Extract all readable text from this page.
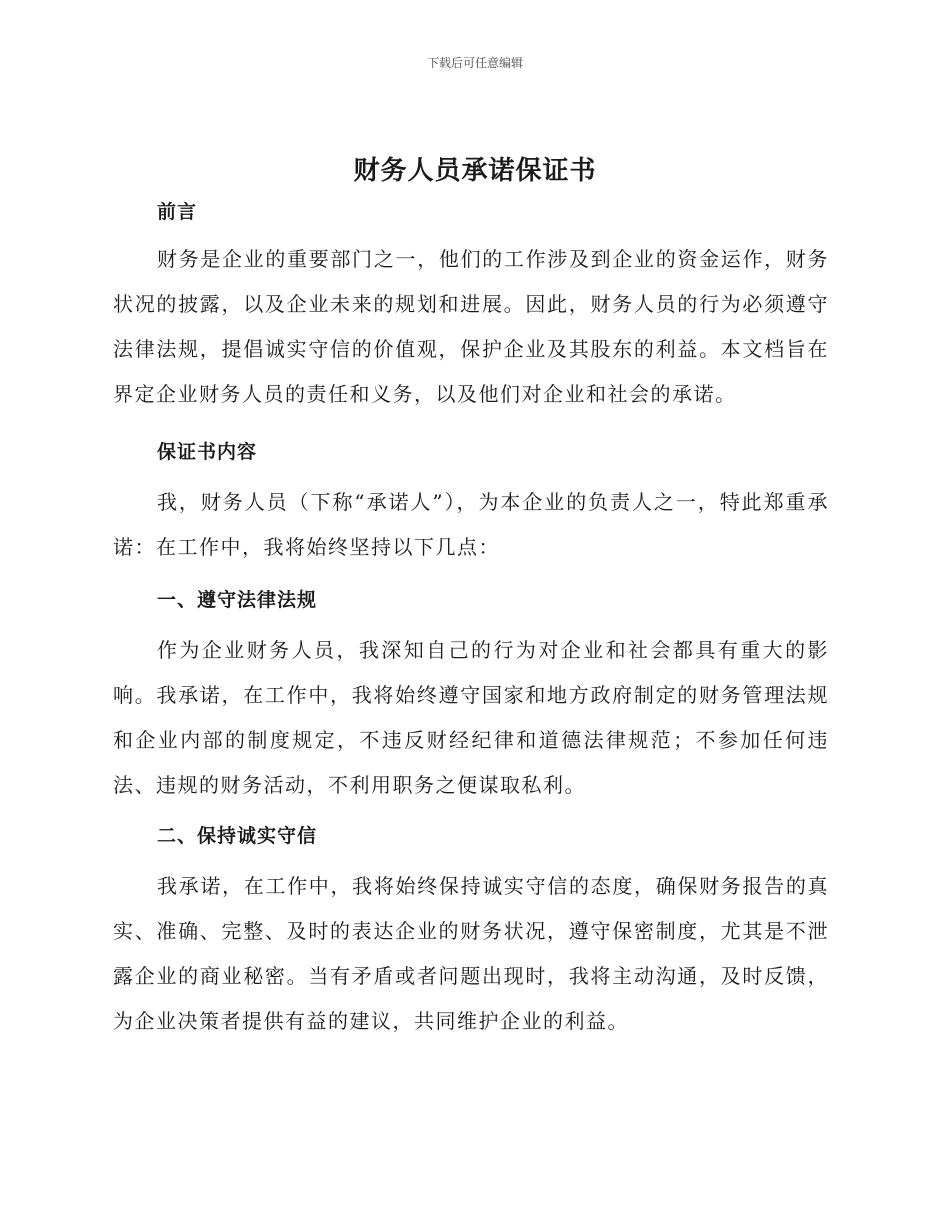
下载后可任意编辑
财务人员承诺保证书

前言

财务是企业的重要部门之一，他们的工作涉及到企业的资金运作，财务状况的披露，以及企业未来的规划和进展。因此，财务人员的行为必须遵守法律法规，提倡诚实守信的价值观，保护企业及其股东的利益。本文档旨在界定企业财务人员的责任和义务，以及他们对企业和社会的承诺。

保证书内容

我，财务人员（下称“承诺人”），为本企业的负责人之一，特此郑重承诺：在工作中，我将始终坚持以下几点：

一、遵守法律法规

作为企业财务人员，我深知自己的行为对企业和社会都具有重大的影响。我承诺，在工作中，我将始终遵守国家和地方政府制定的财务管理法规和企业内部的制度规定，不违反财经纪律和道德法律规范；不参加任何违法、违规的财务活动，不利用职务之便谋取私利。

二、保持诚实守信

我承诺，在工作中，我将始终保持诚实守信的态度，确保财务报告的真实、准确、完整、及时的表达企业的财务状况，遵守保密制度，尤其是不泄露企业的商业秘密。当有矛盾或者问题出现时，我将主动沟通，及时反馈，为企业决策者提供有益的建议，共同维护企业的利益。
